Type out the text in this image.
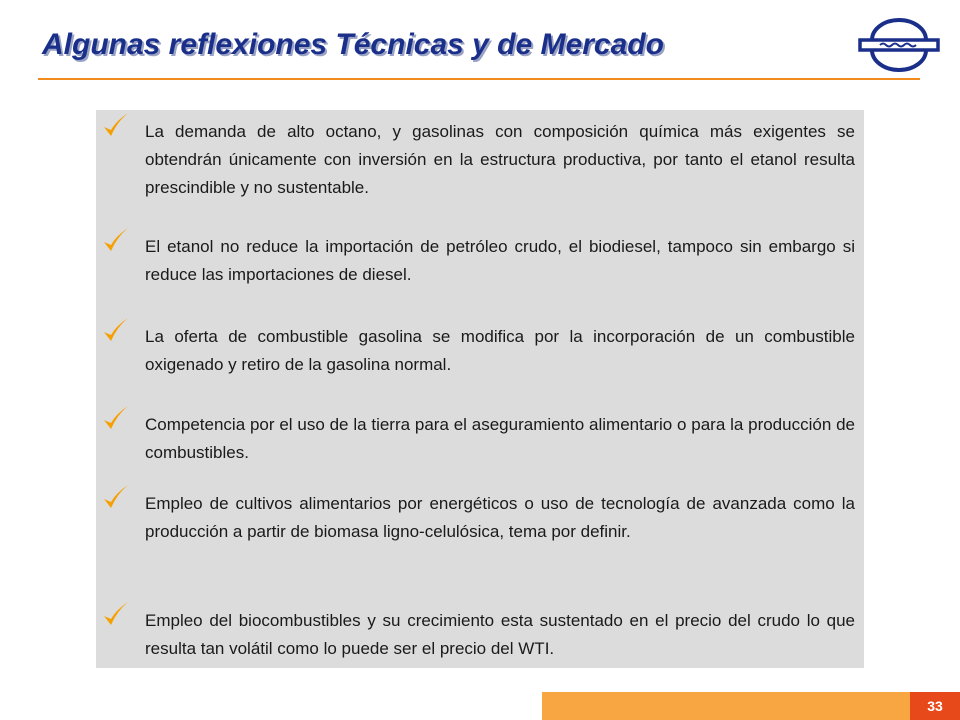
Algunas reflexiones Técnicas y de Mercado

La demanda de alto octano, y gasolinas con composición química más exigentes se obtendrán únicamente con inversión en la estructura productiva, por tanto el etanol resulta prescindible y no sustentable.

El etanol no reduce la importación de petróleo crudo, el biodiesel, tampoco sin embargo si reduce las importaciones de diesel.

La oferta de combustible gasolina se modifica por la incorporación de un combustible oxigenado y retiro de la gasolina normal.

Competencia por el uso de la tierra para el aseguramiento alimentario o para la producción de combustibles.

Empleo de cultivos alimentarios por energéticos o uso de tecnología de avanzada como la producción a partir de biomasa ligno-celulósica, tema por definir.

Empleo del biocombustibles y su crecimiento esta sustentado en el precio del crudo lo que resulta tan volátil como lo puede ser el precio del WTI.

33
